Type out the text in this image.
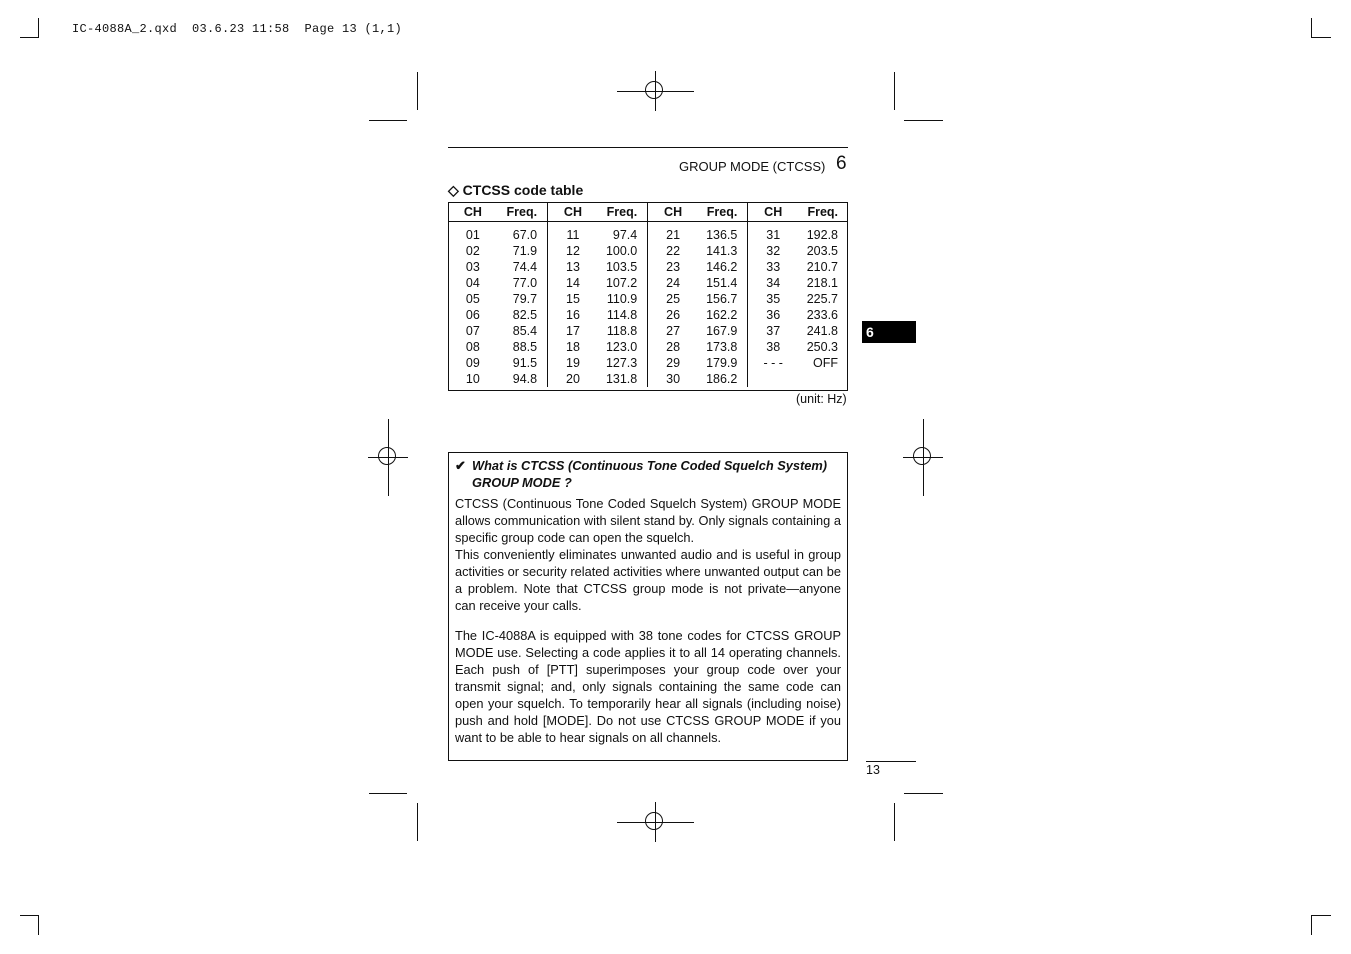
IC-4088A_2.qxd  03.6.23 11:58  Page 13 (1,1)
GROUP MODE (CTCSS) 6
◇ CTCSS code table
CH	Freq.	CH	Freq.	CH	Freq.	CH	Freq.
01	67.0	11	97.4	21	136.5	31	192.8
02	71.9	12	100.0	22	141.3	32	203.5
03	74.4	13	103.5	23	146.2	33	210.7
04	77.0	14	107.2	24	151.4	34	218.1
05	79.7	15	110.9	25	156.7	35	225.7
06	82.5	16	114.8	26	162.2	36	233.6
07	85.4	17	118.8	27	167.9	37	241.8
08	88.5	18	123.0	28	173.8	38	250.3
09	91.5	19	127.3	29	179.9	- - -	OFF
10	94.8	20	131.8	30	186.2		
(unit: Hz)
6
✔ What is CTCSS (Continuous Tone Coded Squelch System) GROUP MODE ?

CTCSS (Continuous Tone Coded Squelch System) GROUP MODE allows communication with silent stand by. Only signals containing a specific group code can open the squelch.

This conveniently eliminates unwanted audio and is useful in group activities or security related activities where unwanted output can be a problem. Note that CTCSS group mode is not private—anyone can receive your calls.

The IC-4088A is equipped with 38 tone codes for CTCSS GROUP MODE use. Selecting a code applies it to all 14 operating channels. Each push of [PTT] superimposes your group code over your transmit signal; and, only signals containing the same code can open your squelch. To temporarily hear all signals (including noise) push and hold [MODE]. Do not use CTCSS GROUP MODE if you want to be able to hear signals on all channels.

13
